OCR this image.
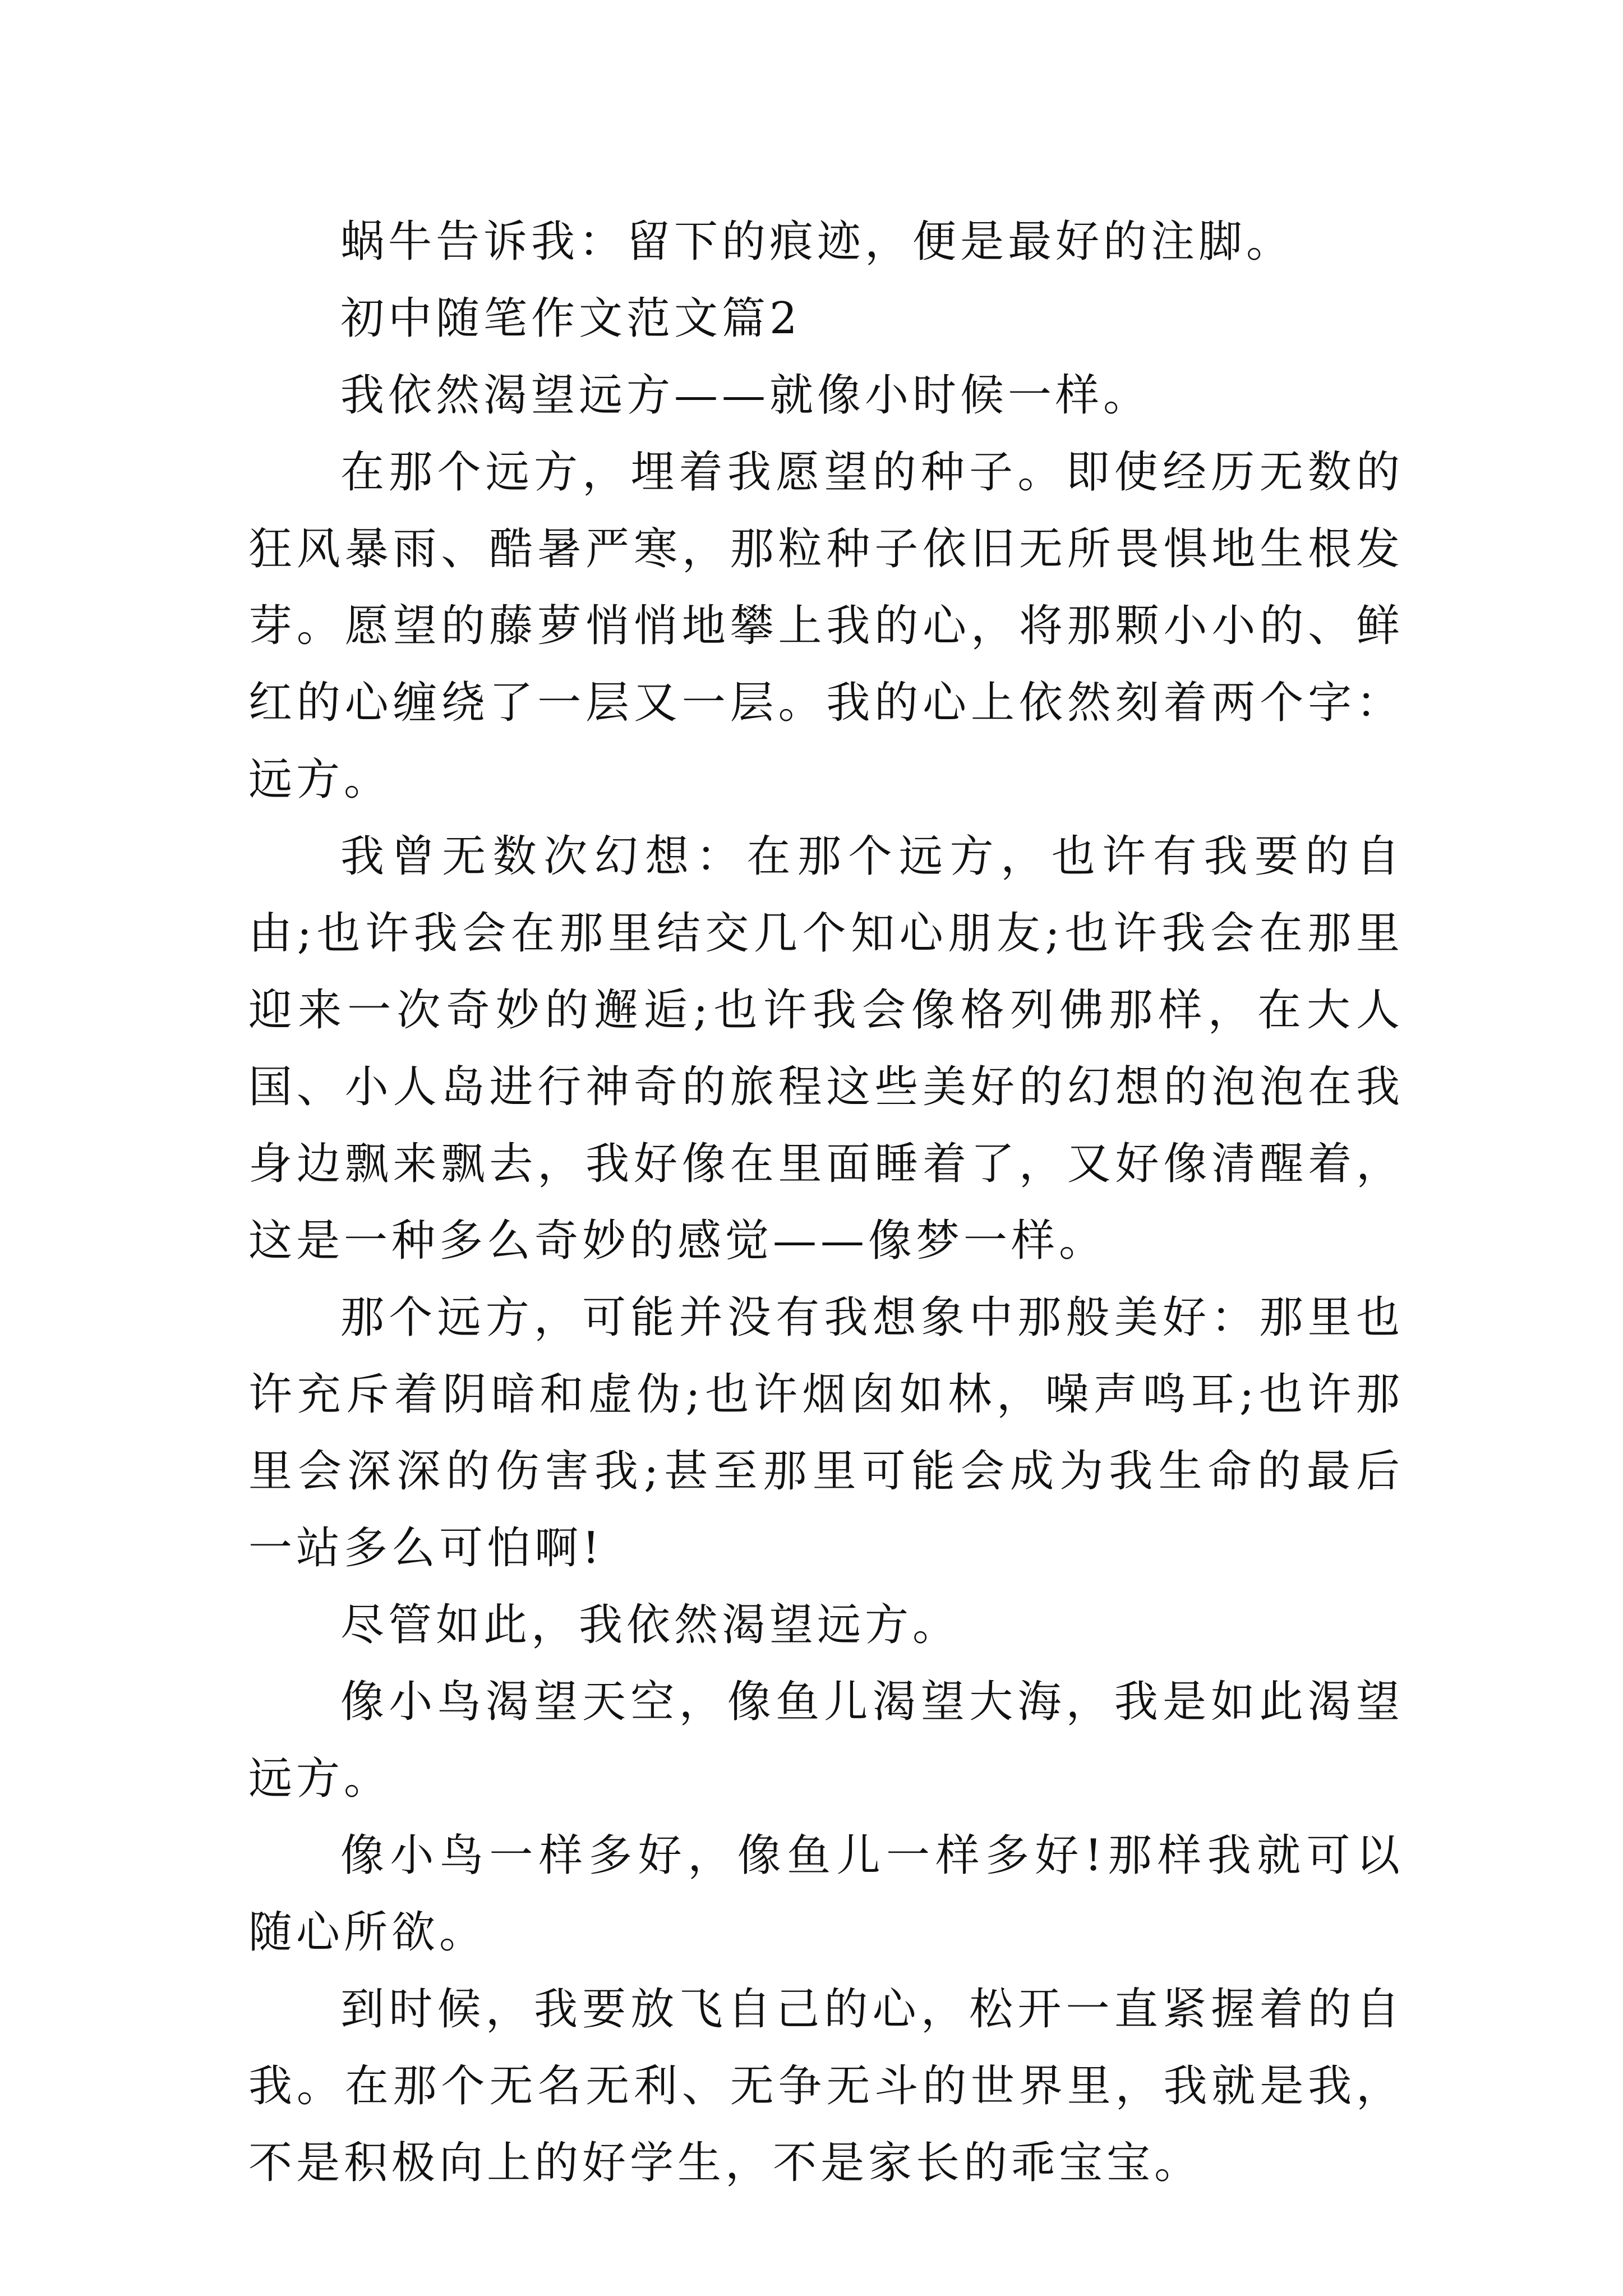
蜗牛告诉我：留下的痕迹，便是最好的注脚。

初中随笔作文范文篇2

我依然渴望远方——就像小时候一样。

在那个远方，埋着我愿望的种子。即使经历无数的狂风暴雨、酷暑严寒，那粒种子依旧无所畏惧地生根发芽。愿望的藤萝悄悄地攀上我的心，将那颗小小的、鲜红的心缠绕了一层又一层。我的心上依然刻着两个字：远方。

我曾无数次幻想：在那个远方，也许有我要的自由;也许我会在那里结交几个知心朋友;也许我会在那里迎来一次奇妙的邂逅;也许我会像格列佛那样，在大人国、小人岛进行神奇的旅程这些美好的幻想的泡泡在我身边飘来飘去，我好像在里面睡着了，又好像清醒着，这是一种多么奇妙的感觉——像梦一样。

那个远方，可能并没有我想象中那般美好：那里也许充斥着阴暗和虚伪;也许烟囱如林，噪声鸣耳;也许那里会深深的伤害我;甚至那里可能会成为我生命的最后一站多么可怕啊!

尽管如此，我依然渴望远方。

像小鸟渴望天空，像鱼儿渴望大海，我是如此渴望远方。

像小鸟一样多好，像鱼儿一样多好!那样我就可以随心所欲。

到时候，我要放飞自己的心，松开一直紧握着的自我。在那个无名无利、无争无斗的世界里，我就是我，不是积极向上的好学生，不是家长的乖宝宝。
